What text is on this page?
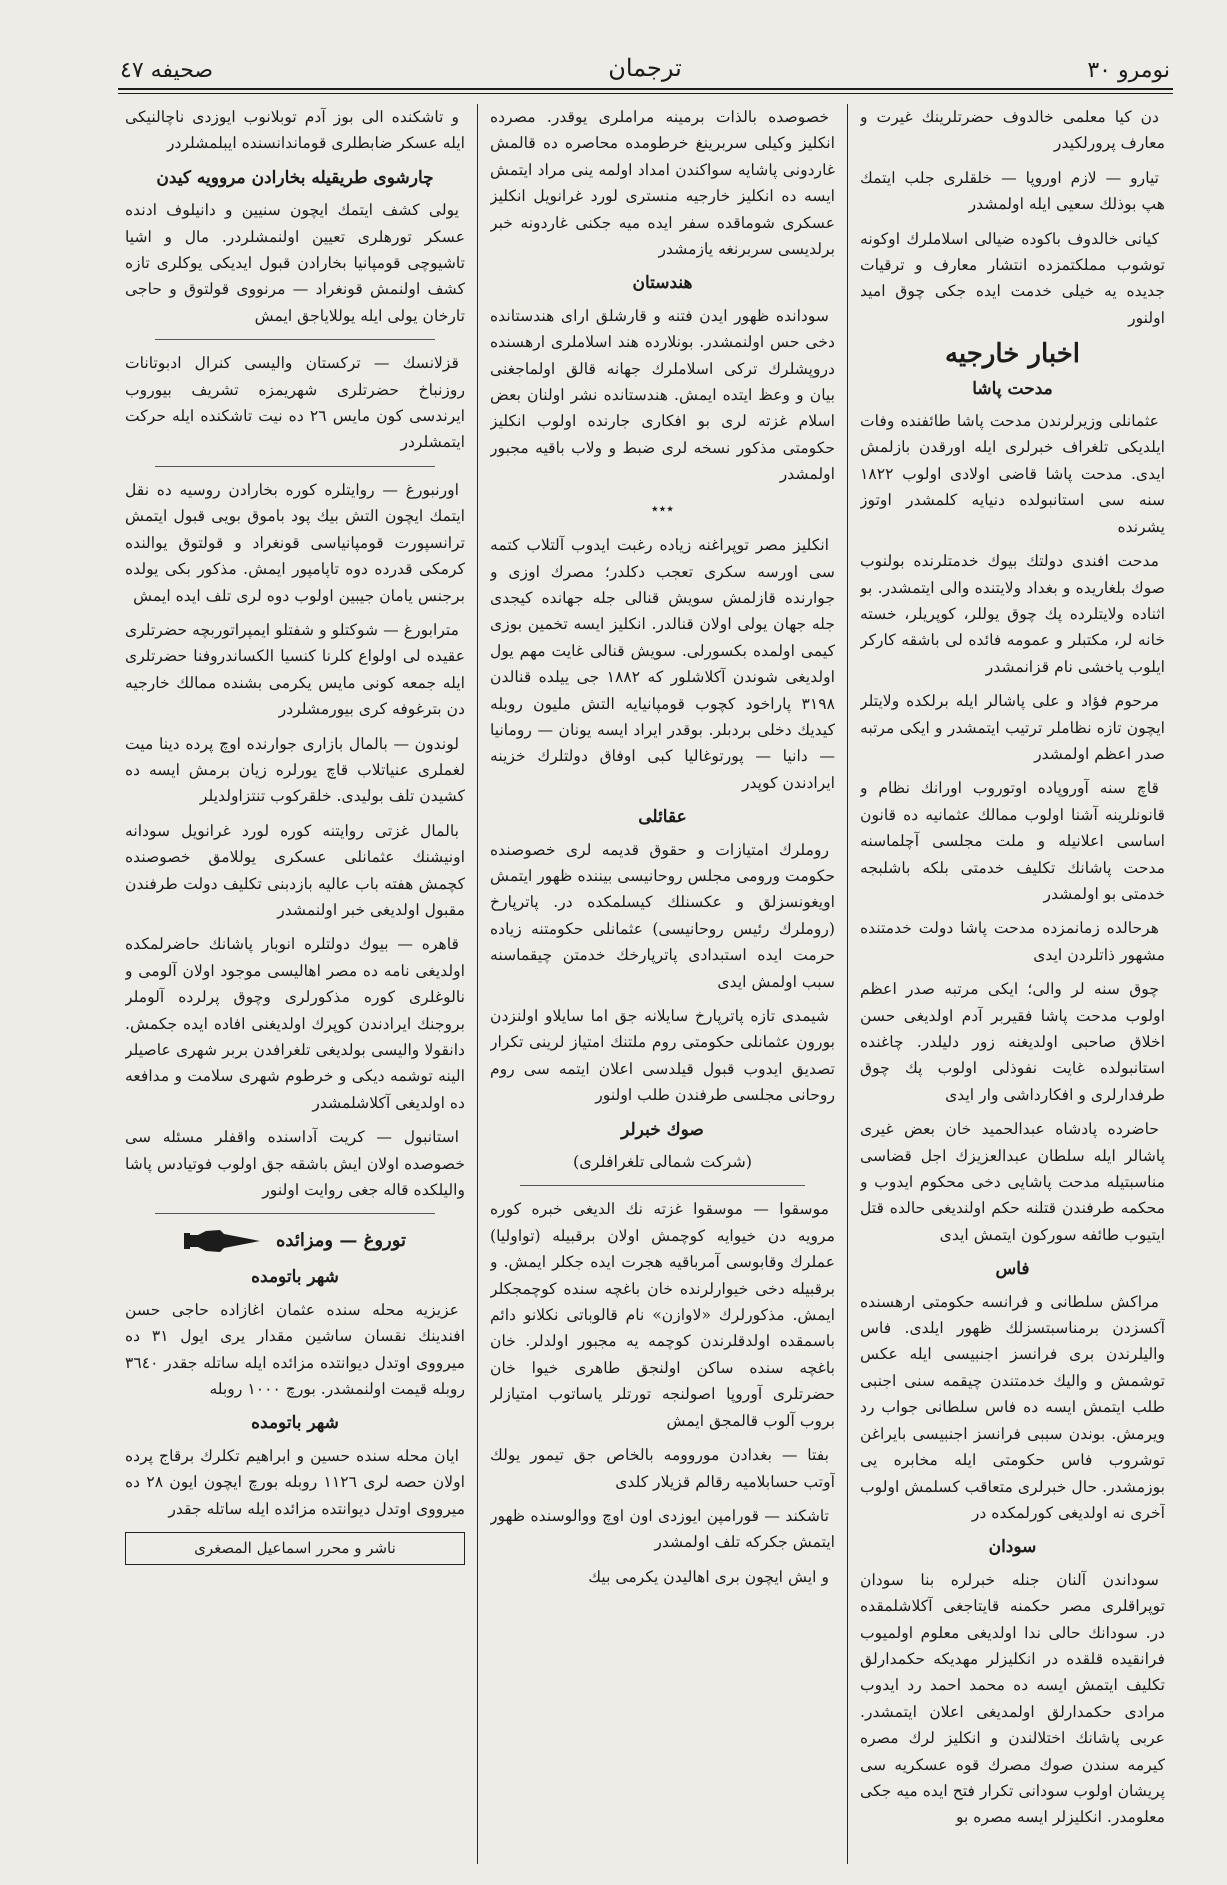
نومرو ٣٠
ترجمان
صحيفه ٤٧

دن كيا معلمی خالدوف حضرتلرينك غيرت و معارف پرورلكيدر

تيارو — لازم اوروپا — خلقلری جلب ايتمك هپ بوذلك سعيی ايله اولمشدر

كيانی خالدوف باكوده ضيالی اسلاملرك اوكونه توشوب مملكتمزده انتشار معارف و ترقيات جديده يه خيلی خدمت ايده جكی چوق اميد اولنور

اخبار خارجيه
مدحت پاشا

عثمانلی وزيرلرندن مدحت پاشا طائفنده وفات ايلديكی تلغراف خبرلری ايله اورقدن بازلمش ايدی. مدحت پاشا قاضی اولادی اولوب ١٨٢٢ سنه سی استانبولده دنيايه كلمشدر اوتوز يشرنده

مدحت افندی دولتك بيوك خدمتلرنده بولنوب صوك بلغاريده و بغداد ولايتنده والی ايتمشدر. بو اثناده ولايتلرده پك چوق يوللر، كوپريلر، خسته خانه لر، مكتبلر و عمومه فائده لی باشقه كاركر ايلوب ياخشی نام قزانمشدر

مرحوم فؤاد و علی پاشالر ايله برلكده ولايتلر ايچون تازه نظاملر ترتيب ايتمشدر و ايكی مرتبه صدر اعظم اولمشدر

قاچ سنه آوروپاده اوتوروب اورانك نظام و قانونلرينه آشنا اولوب ممالك عثمانيه ده قانون اساسی اعلانيله و ملت مجلسی آچلماسنه مدحت پاشانك تكليف خدمتی بلكه باشلبجه خدمتی بو اولمشدر

هرحالده زمانمزده مدحت پاشا دولت خدمتنده مشهور ذاتلردن ايدی

چوق سنه لر والی؛ ايكی مرتبه صدر اعظم اولوب مدحت پاشا فقيربر آدم اولديغی حسن اخلاق صاحبی اولديغنه زور دليلدر. چاغنده استانبولده غايت نفوذلی اولوب پك چوق طرفدارلری و افكارداشی وار ايدی

حاضرده پادشاه عبدالحميد خان بعض غيری پاشالر ايله سلطان عبدالعزيزك اجل قضاسی مناسبتيله مدحت پاشايی دخی محكوم ايدوب و محكمه طرفندن قتلنه حكم اولنديغی حالده قتل ايتيوب طائفه سوركون ايتمش ايدی

فاس

مراكش سلطانی و فرانسه حكومتی ارهسنده آكسزدن برمناسبتسزلك ظهور ايلدی. فاس واليلرندن بری فرانسز اجنبيسی ايله عكس توشمش و واليك خدمتندن چيقمه سنی اجنبی طلب ايتمش ايسه ده فاس سلطانی جواب رد ويرمش. بوندن سببی فرانسز اجنبيسی بايراغن توشروب فاس حكومتی ايله مخابره يی بوزمشدر. حال خبرلری متعاقب كسلمش اولوب آخری نه اولديغی كورلمكده در

سودان

سوداندن آلنان جنله خبرلره بنا سودان توپراقلری مصر حكمنه قايتاجغی آكلاشلمقده در. سودانك حالی ندا اولديغی معلوم اولميوب فرانقيده قلقده در انكليزلر مهديكه حكمدارلق تكليف ايتمش ايسه ده محمد احمد رد ايدوب مرادی حكمدارلق اولمديغی اعلان ايتمشدر. عربی پاشانك اختلالندن و انكليز لرك مصره كيرمه سندن صوك مصرك قوه عسكريه سی پريشان اولوب سودانی تكرار فتح ايده ميه جكی معلومدر. انكليزلر ايسه مصره بو

خصوصده بالذات برمينه مراملری يوقدر. مصرده انكليز وكيلی سربرينغ خرطومده محاصره ده قالمش غاردونی پاشايه سواكندن امداد اولمه ينی مراد ايتمش ايسه ده انكليز خارجيه منستری لورد غرانويل انكليز عسكری شوماقده سفر ايده ميه جكنی غاردونه خبر برلديسی سربرنغه يازمشدر

هندستان

سودانده ظهور ايدن فتنه و قارشلق ارای هندستانده دخی حس اولنمشدر. بونلارده هند اسلاملری ارهسنده دروپشلرك تركی اسلاملرك جهانه قالق اولماجغنی بيان و وعظ ايتده ايمش. هندستانده نشر اولنان بعض اسلام غزته لری بو افكاری جارنده اولوب انكليز حكومتی مذكور نسخه لری ضبط و ولاب باقيه مجبور اولمشدر

٭٭٭

انكليز مصر توپراغنه زياده رغبت ايدوب آلتلاب كتمه سی اورسه سكری تعجب دكلدر؛ مصرك اوزی و جوارنده قازلمش سويش قنالی جله جهانده كيجدی جله جهان يولی اولان قنالدر. انكليز ايسه تخمين بوزی كيمی اولمده بكسورلی. سويش قنالی غايت مهم يول اولديغی شوندن آكلاشلور كه ١٨٨٢ جی ييلده قنالدن ٣١٩٨ پاراخود كچوب قومپانيايه التش مليون روبله كيديك دخلی بردبلر. بوقدر ايراد ايسه يونان — رومانيا — دانيا — پورتوغاليا كبی اوفاق دولتلرك خزينه ايرادندن كوپدر

عقائلی

روملرك امتيازات و حقوق قديمه لری خصوصنده حكومت ورومی مجلس روحانيسی بيننده ظهور ايتمش اويغونسزلق و عكسنلك كيسلمكده در. پاترپارخ (روملرك رئيس روحانيسی) عثمانلی حكومتنه زياده حرمت ايده استبدادی پاترپارخك خدمتن چيقماسنه سبب اولمش ايدی

شيمدی تازه پاترپارخ سايلانه جق اما سايلاو اولنزدن بورون عثمانلی حكومتی روم ملتنك امتياز لرينی تكرار تصديق ايدوب قبول قيلدسی اعلان ايتمه سی روم روحانی مجلسی طرفندن طلب اولنور

صوك خبرلر
(شركت شمالی تلغرافلری)

موسقوا — موسقوا غزته نك الدیغی خبره كوره مرويه دن خيوايه كوچمش اولان برقبيله (تواوليا) عملرك وقابوسی آمرباقيه هجرت ايده جكلر ايمش. و برقبيله دخی خيوارلرنده خان باغچه سنده كوچمجكلر ايمش. مذكورلرك «لاوازن» نام قالوباتی نكلانو دائم باسمقده اولدقلرندن كوچمه يه مجبور اولدلر. خان باغچه سنده ساكن اولنجق طاهری خيوا خان حضرتلری آوروپا اصولنجه تورتلر یاساتوب امتيازلر بروب آلوب قالمجق ايمش

بفتا — بغدادن موروومه بالخاص جق تيمور يولك آوتب حسابلاميه رقالم قزيلار كلدی

تاشكند — قورامپن ايوزدی اون اوچ ووالوسنده ظهور ايتمش جكركه تلف اولمشدر

و ايش ايچون بری اهاليدن يكرمی بيك

و تاشكنده الی بوز آدم توبلانوب ايوزدی ناچالنيكی ايله عسكر ضابطلری قوماندانسنده ايبلمشلردر

چارشوی طريقيله بخارادن مروويه كيدن

يولی كشف ايتمك ايچون سنيين و دانيلوف ادنده عسكر تورهلری تعيين اولنمشلردر. مال و اشيا تاشيوچی قومپانيا بخارادن قبول ايديكی يوكلری تازه كشف اولنمش قونغراد — مرنووی قولتوق و حاجی تارخان يولی ايله يوللاياجق ايمش

قزلانسك — تركستان والیسی كنرال ادبوتانات روزنباخ حضرتلری شهريمزه تشريف بيوروب ايرندسی كون مايس ٢٦ ده نيت تاشكنده ايله حركت ايتمشلردر

اورنبورغ — روايتلره كوره بخارادن روسيه ده نقل ايتمك ايچون التش بيك پود باموق بويی قبول ايتمش ترانسپورت قومپانياسی قونغراد و قولتوق يوالنده كرمكی قدرده دوه تاپامپور ايمش. مذكور بكی يولده برجنس يامان جيبين اولوب دوه لری تلف ايده ايمش

مترابورغ — شوكتلو و شفتلو ايمپراتوربچه حضرتلری عقيده لی اولواع كلرنا كنسيا الكساندروفنا حضرتلری ايله جمعه كونی مايس يكرمی بشنده ممالك خارجيه دن بترغوفه كری بيورمشلردر

لوندون — بالمال بازاری جوارنده اوچ پرده دينا ميت لغملری عنياتلاب قاچ يورلره زيان برمش ايسه ده كشيدن تلف بوليدی. خلقرکوب تنتزاولديلر

بالمال غزتی روايتنه كوره لورد غرانويل سودانه اونيشنك عثمانلی عسكری يوللامق خصوصنده كچمش هفته باب عاليه بازدبنی تكليف دولت طرفندن مقبول اولديغی خبر اولنمشدر

قاهره — بيوك دولتلره انوبار پاشانك حاضرلمكده اولديغی نامه ده مصر اهاليسی موجود اولان آلومی و نالوغلری كوره مذكورلری وچوق پرلرده آلوملر بروجنك ايرادندن كوپرك اولديغنی افاده ايده جكمش. دانقولا والیسی بولديغی تلغرافدن بربر شهری عاصيلر الينه توشمه ديكی و خرطوم شهری سلامت و مدافعه ده اولديغی آكلاشلمشدر

استانبول — كريت آداسنده واقفلر مسئله سی خصوصده اولان ايش باشقه جق اولوب فوتيادس پاشا والیلكده قاله جغی روايت اولنور

توروغ — ومزائده
شهر باتومده

عزيزيه محله سنده عثمان اغازاده حاجی حسن افندينك نقسان ساشين مقدار يری ايول ٣١ ده ميرووی اوتدل ديوانتده مزائده ايله ساتله جقدر ٣٦٤٠ روبله قيمت اولنمشدر. بورچ ١٠٠٠ روبله

شهر باتومده

ايان محله سنده حسين و ابراهيم تكلرك برقاج پرده اولان حصه لری ١١٢٦ روبله بورچ ايچون ايون ٢٨ ده ميرووی اوتدل ديوانتده مزائده ايله ساتله جقدر

ناشر و محرر اسماعيل المصغری
